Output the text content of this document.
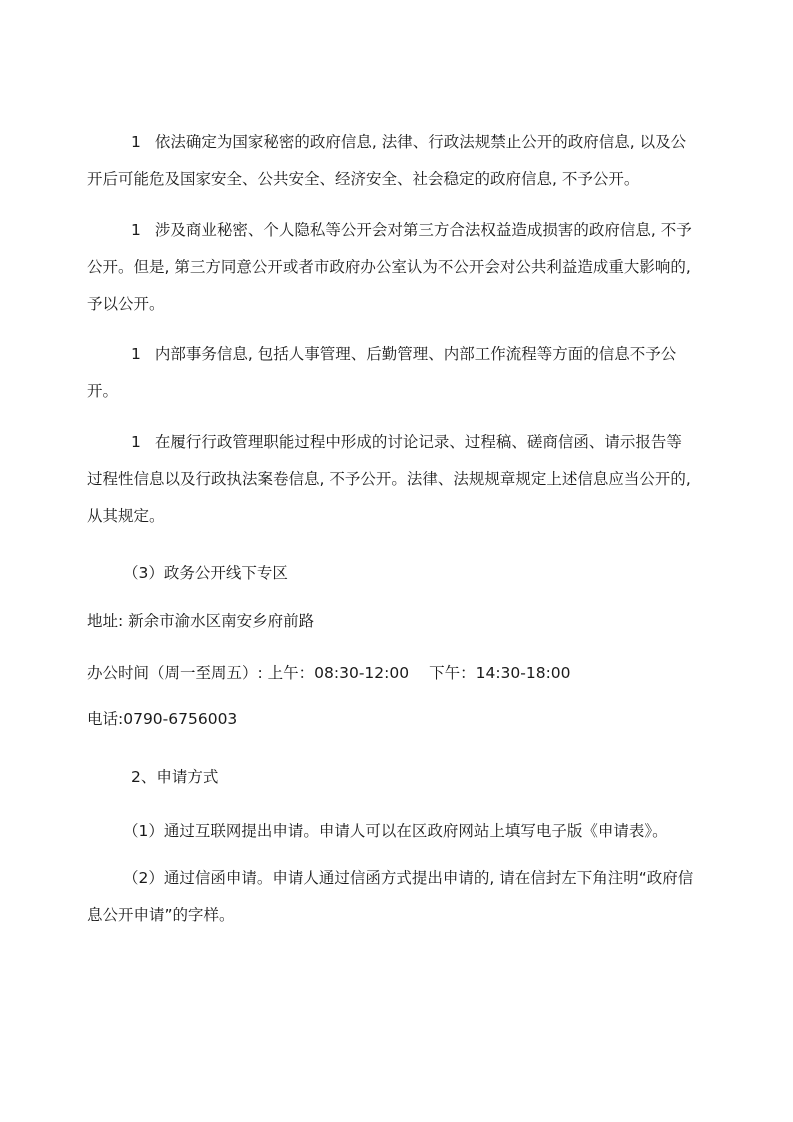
1 依法确定为国家秘密的政府信息, 法律、行政法规禁止公开的政府信息, 以及公开后可能危及国家安全、公共安全、经济安全、社会稳定的政府信息, 不予公开。

1 涉及商业秘密、个人隐私等公开会对第三方合法权益造成损害的政府信息, 不予公开。但是, 第三方同意公开或者市政府办公室认为不公开会对公共利益造成重大影响的, 予以公开。

1 内部事务信息, 包括人事管理、后勤管理、内部工作流程等方面的信息不予公开。

1 在履行行政管理职能过程中形成的讨论记录、过程稿、磋商信函、请示报告等过程性信息以及行政执法案卷信息, 不予公开。法律、法规规章规定上述信息应当公开的, 从其规定。

（3）政务公开线下专区

地址: 新余市渝水区南安乡府前路

办公时间（周一至周五）: 上午：08:30-12:00 下午：14:30-18:00

电话:0790-6756003

2、申请方式

（1）通过互联网提出申请。申请人可以在区政府网站上填写电子版《申请表》。

（2）通过信函申请。申请人通过信函方式提出申请的, 请在信封左下角注明“政府信息公开申请”的字样。
